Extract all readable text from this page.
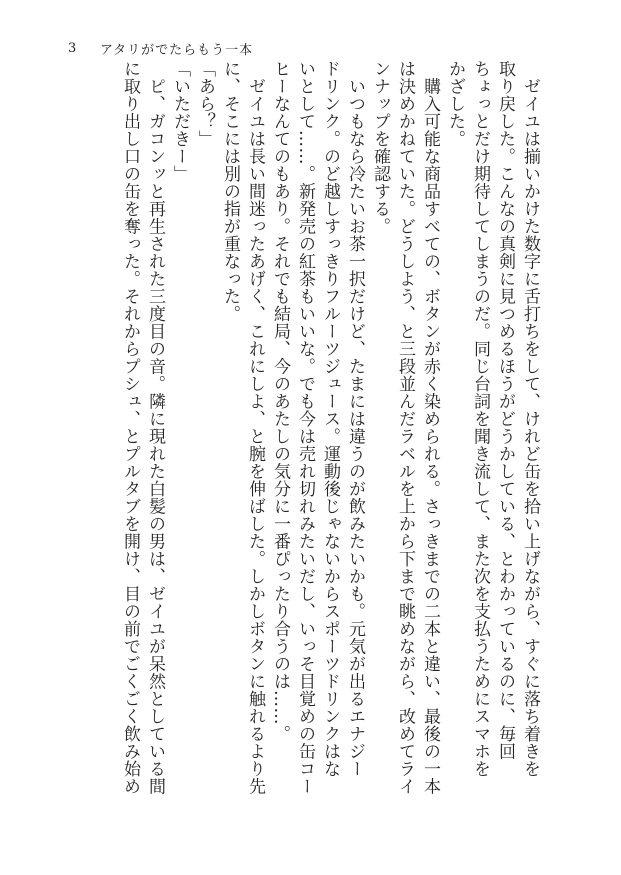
3	アタリがでたらもう一本

　ゼイユは揃いかけた数字に舌打ちをして、けれど缶を拾い上げながら、すぐに落ち着きを

取り戻した。こんなの真剣に見つめるほうがどうかしている、とわかっているのに、毎回

ちょっとだけ期待してしまうのだ。同じ台詞を聞き流して、また次を支払うためにスマホを

かざした。

　購入可能な商品すべての、ボタンが赤く染められる。さっきまでの二本と違い、最後の一本

は決めかねていた。どうしよう、と三段並んだラベルを上から下まで眺めながら、改めてライ

ンナップを確認する。

　いつもなら冷たいお茶一択だけど、たまには違うのが飲みたいかも。元気が出るエナジー

ドリンク。のど越しすっきりフルーツジュース。運動後じゃないからスポーツドリンクはな

いとして……。新発売の紅茶もいいな。でも今は売れ切れみたいだし、いっそ目覚めの缶コー

ヒーなんてのもあり。それでも結局、今のあたしの気分に一番ぴったり合うのは……。

　ゼイユは長い間迷ったあげく、これにしよ、と腕を伸ばした。しかしボタンに触れるより先

に、そこには別の指が重なった。

「あら？」

「いただきー」

　ピ、ガコンッと再生された三度目の音。隣に現れた白髪の男は、ゼイユが呆然としている間

に取り出し口の缶を奪った。それからプシュ、とプルタブを開け、目の前でごくごく飲み始め
